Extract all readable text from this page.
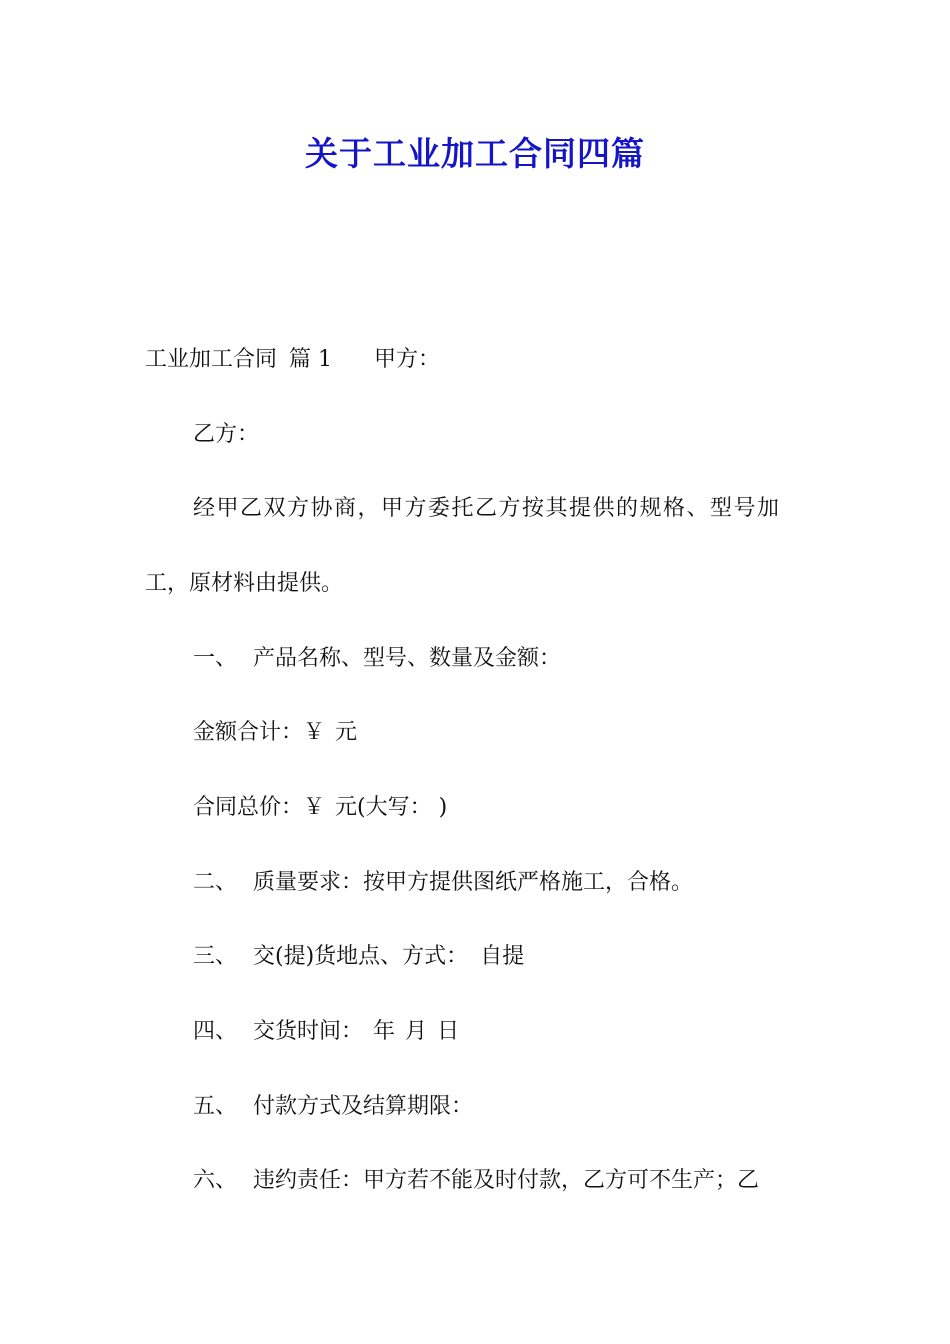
关于工业加工合同四篇
工业加工合同 篇 1 甲方：
乙方：
经甲乙双方协商，甲方委托乙方按其提供的规格、型号加
工，原材料由提供。
一、 产品名称、型号、数量及金额：
金额合计：￥ 元
合同总价：￥ 元(大写： )
二、 质量要求：按甲方提供图纸严格施工，合格。
三、 交(提)货地点、方式： 自提
四、 交货时间： 年 月 日
五、 付款方式及结算期限：
六、 违约责任：甲方若不能及时付款，乙方可不生产；乙
